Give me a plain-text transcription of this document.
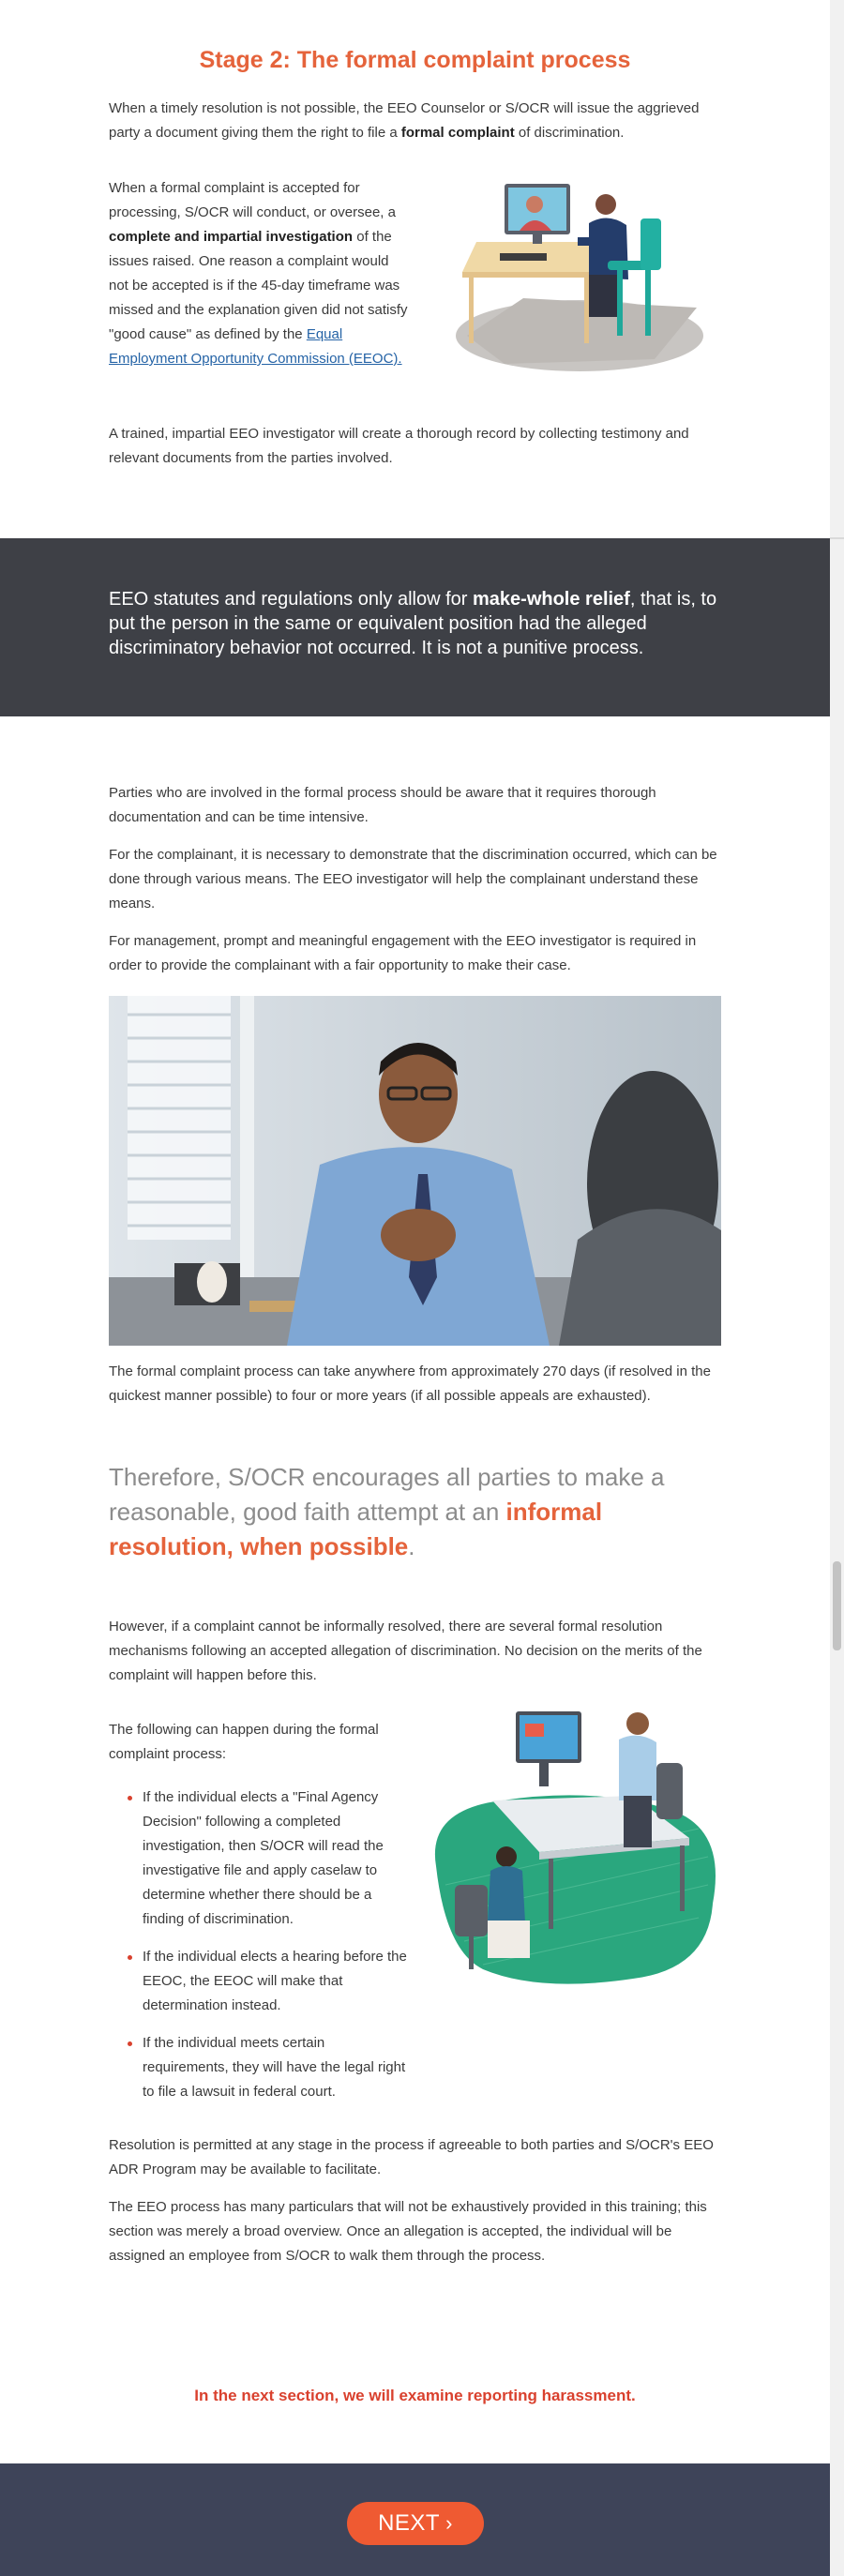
Stage 2: The formal complaint process

When a timely resolution is not possible, the EEO Counselor or S/OCR will issue the aggrieved party a document giving them the right to file a formal complaint of discrimination.

When a formal complaint is accepted for processing, S/OCR will conduct, or oversee, a complete and impartial investigation of the issues raised. One reason a complaint would not be accepted is if the 45-day timeframe was missed and the explanation given did not satisfy "good cause" as defined by the Equal Employment Opportunity Commission (EEOC).

A trained, impartial EEO investigator will create a thorough record by collecting testimony and relevant documents from the parties involved.

EEO statutes and regulations only allow for make-whole relief, that is, to put the person in the same or equivalent position had the alleged discriminatory behavior not occurred. It is not a punitive process.

Parties who are involved in the formal process should be aware that it requires thorough documentation and can be time intensive.

For the complainant, it is necessary to demonstrate that the discrimination occurred, which can be done through various means. The EEO investigator will help the complainant understand these means.

For management, prompt and meaningful engagement with the EEO investigator is required in order to provide the complainant with a fair opportunity to make their case.

The formal complaint process can take anywhere from approximately 270 days (if resolved in the quickest manner possible) to four or more years (if all possible appeals are exhausted).

Therefore, S/OCR encourages all parties to make a reasonable, good faith attempt at an informal resolution, when possible.

However, if a complaint cannot be informally resolved, there are several formal resolution mechanisms following an accepted allegation of discrimination. No decision on the merits of the complaint will happen before this.

The following can happen during the formal complaint process:

If the individual elects a "Final Agency Decision" following a completed investigation, then S/OCR will read the investigative file and apply caselaw to determine whether there should be a finding of discrimination.
If the individual elects a hearing before the EEOC, the EEOC will make that determination instead.
If the individual meets certain requirements, they will have the legal right to file a lawsuit in federal court.

Resolution is permitted at any stage in the process if agreeable to both parties and S/OCR's EEO ADR Program may be available to facilitate.

The EEO process has many particulars that will not be exhaustively provided in this training; this section was merely a broad overview. Once an allegation is accepted, the individual will be assigned an employee from S/OCR to walk them through the process.

In the next section, we will examine reporting harassment.
NEXT ›
